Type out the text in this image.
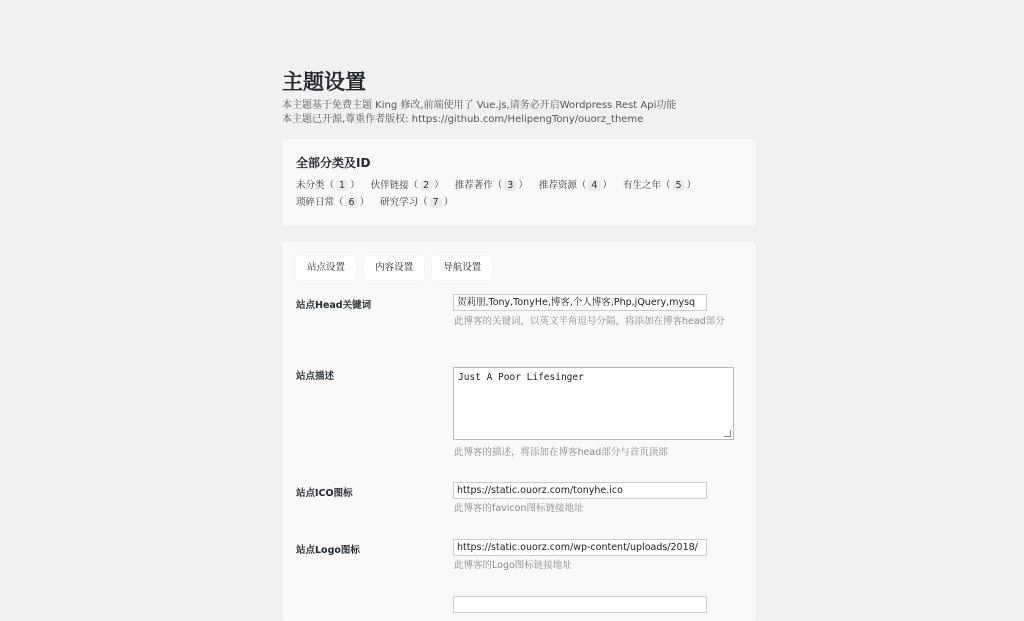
主题设置
本主题基于免费主题 King 修改,前端使用了 Vue.js,请务必开启Wordpress Rest Api功能
本主题已开源,尊重作者版权: https://github.com/HelipengTony/ouorz_theme
全部分类及ID
未分类（ 1 ） 伙伴链接（ 2 ） 推荐著作（ 3 ） 推荐资源（ 4 ） 有生之年（ 5 ）
琐碎日常（ 6 ） 研究学习（ 7 ）
站点设置	内容设置	导航设置
站点Head关键词	贺莉朋,Tony,TonyHe,博客,个人博客,Php,jQuery,mysq
此博客的关键词，以英文半角逗号分隔，将添加在博客head部分
站点描述	Just A Poor Lifesinger
此博客的描述，将添加在博客head部分与首页顶部
站点ICO图标	https://static.ouorz.com/tonyhe.ico
此博客的favicon图标链接地址
站点Logo图标	https://static.ouorz.com/wp-content/uploads/2018/
此博客的Logo图标链接地址
